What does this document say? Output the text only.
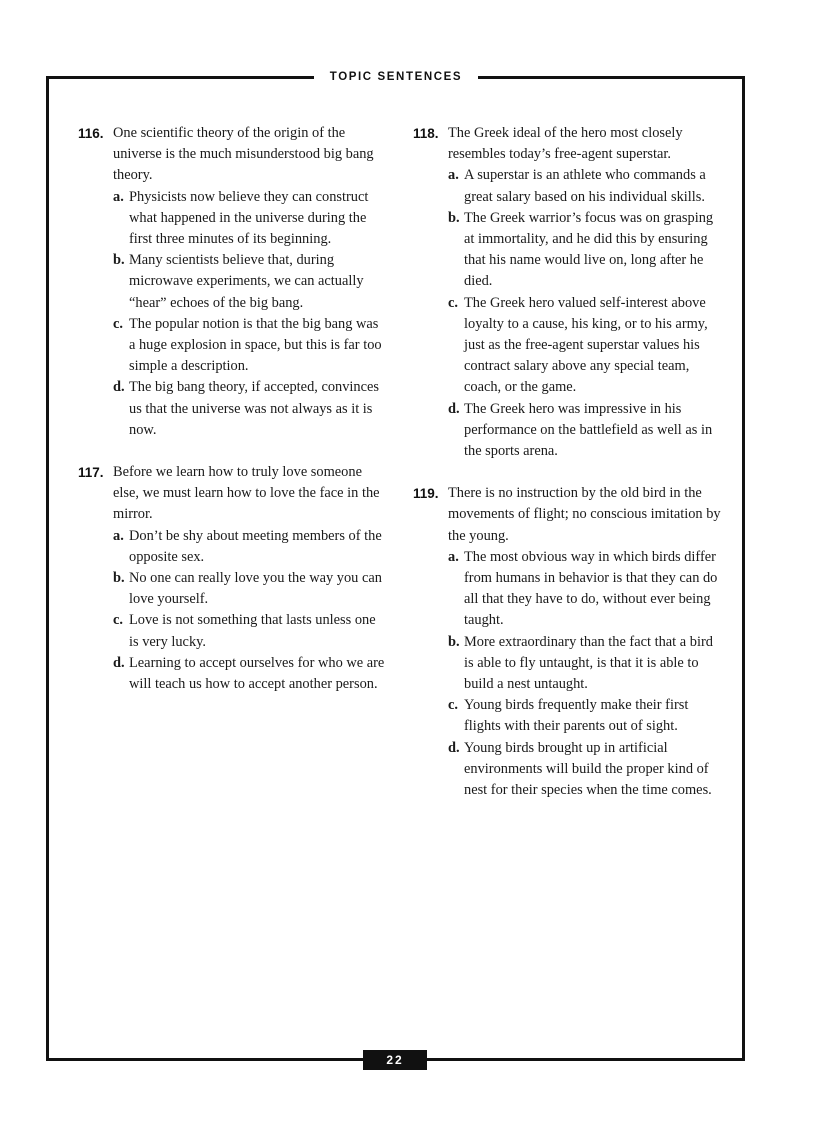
TOPIC SENTENCES
116. One scientific theory of the origin of the universe is the much misunderstood big bang theory.
a. Physicists now believe they can construct what happened in the universe during the first three minutes of its beginning.
b. Many scientists believe that, during microwave experiments, we can actually “hear” echoes of the big bang.
c. The popular notion is that the big bang was a huge explosion in space, but this is far too simple a description.
d. The big bang theory, if accepted, convinces us that the universe was not always as it is now.
117. Before we learn how to truly love someone else, we must learn how to love the face in the mirror.
a. Don’t be shy about meeting members of the opposite sex.
b. No one can really love you the way you can love yourself.
c. Love is not something that lasts unless one is very lucky.
d. Learning to accept ourselves for who we are will teach us how to accept another person.
118. The Greek ideal of the hero most closely resembles today’s free-agent superstar.
a. A superstar is an athlete who commands a great salary based on his individual skills.
b. The Greek warrior’s focus was on grasping at immortality, and he did this by ensuring that his name would live on, long after he died.
c. The Greek hero valued self-interest above loyalty to a cause, his king, or to his army, just as the free-agent superstar values his contract salary above any special team, coach, or the game.
d. The Greek hero was impressive in his performance on the battlefield as well as in the sports arena.
119. There is no instruction by the old bird in the movements of flight; no conscious imitation by the young.
a. The most obvious way in which birds differ from humans in behavior is that they can do all that they have to do, without ever being taught.
b. More extraordinary than the fact that a bird is able to fly untaught, is that it is able to build a nest untaught.
c. Young birds frequently make their first flights with their parents out of sight.
d. Young birds brought up in artificial environments will build the proper kind of nest for their species when the time comes.
22
